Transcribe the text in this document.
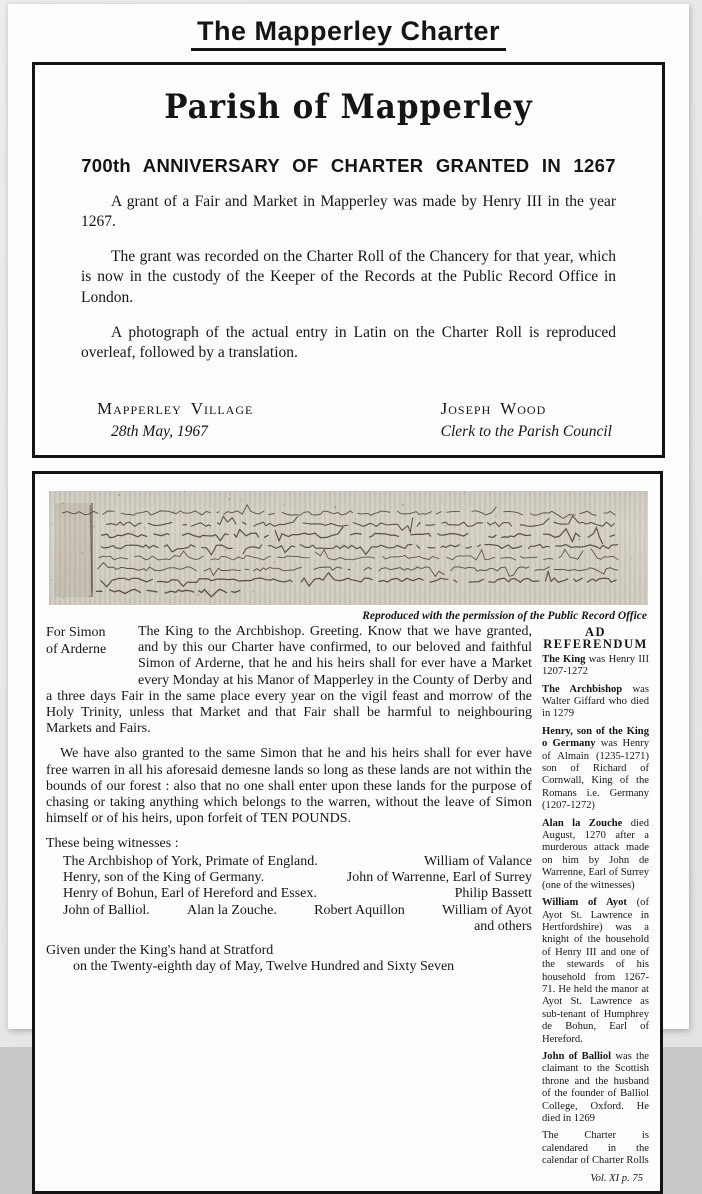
The Mapperley Charter
Parish of Mapperley
700th ANNIVERSARY OF CHARTER GRANTED IN 1267

A grant of a Fair and Market in Mapperley was made by Henry III in the year 1267.

The grant was recorded on the Charter Roll of the Chancery for that year, which is now in the custody of the Keeper of the Records at the Public Record Office in London.

A photograph of the actual entry in Latin on the Charter Roll is reproduced overleaf, followed by a translation.

Mapperley Village
28th May, 1967
Joseph Wood
Clerk to the Parish Council
Reproduced with the permission of the Public Record Office
For Simon
of Arderne
The King to the Archbishop. Greeting. Know that we have granted, and by this our Charter have confirmed, to our beloved and faithful Simon of Arderne, that he and his heirs shall for ever have a Market every Monday at his Manor of Mapperley in the County of Derby and a three days Fair in the same place every year on the vigil feast and morrow of the Holy Trinity, unless that Market and that Fair shall be harmful to neighbouring Markets and Fairs.
We have also granted to the same Simon that he and his heirs shall for ever have free warren in all his aforesaid demesne lands so long as these lands are not within the bounds of our forest : also that no one shall enter upon these lands for the purpose of chasing or taking anything which belongs to the warren, without the leave of Simon himself or of his heirs, upon forfeit of TEN POUNDS.
These being witnesses :
The Archbishop of York, Primate of England.	William of Valance
Henry, son of the King of Germany.	John of Warrenne, Earl of Surrey
Henry of Bohun, Earl of Hereford and Essex.	Philip Bassett
John of Balliol.	Alan la Zouche.	Robert Aquillon	William of Ayot
and others
Given under the King's hand at Stratford
on the Twenty-eighth day of May, Twelve Hundred and Sixty Seven
AD REFERENDUM

The King was Henry III 1207-1272

The Archbishop was Walter Giffard who died in 1279

Henry, son of the King o Germany was Henry of Almain (1235-1271) son of Richard of Cornwall, King of the Romans i.e. Germany (1207-1272)

Alan la Zouche died August, 1270 after a murderous attack made on him by John de Warrenne, Earl of Surrey (one of the witnesses)

William of Ayot (of Ayot St. Lawrence in Hertfordshire) was a knight of the household of Henry III and one of the stewards of his household from 1267-71. He held the manor at Ayot St. Lawrence as sub-tenant of Humphrey de Bohun, Earl of Hereford.

John of Balliol was the claimant to the Scottish throne and the husband of the founder of Balliol College, Oxford. He died in 1269

The Charter is calendared in the calendar of Charter Rolls

Vol. XI p. 75
